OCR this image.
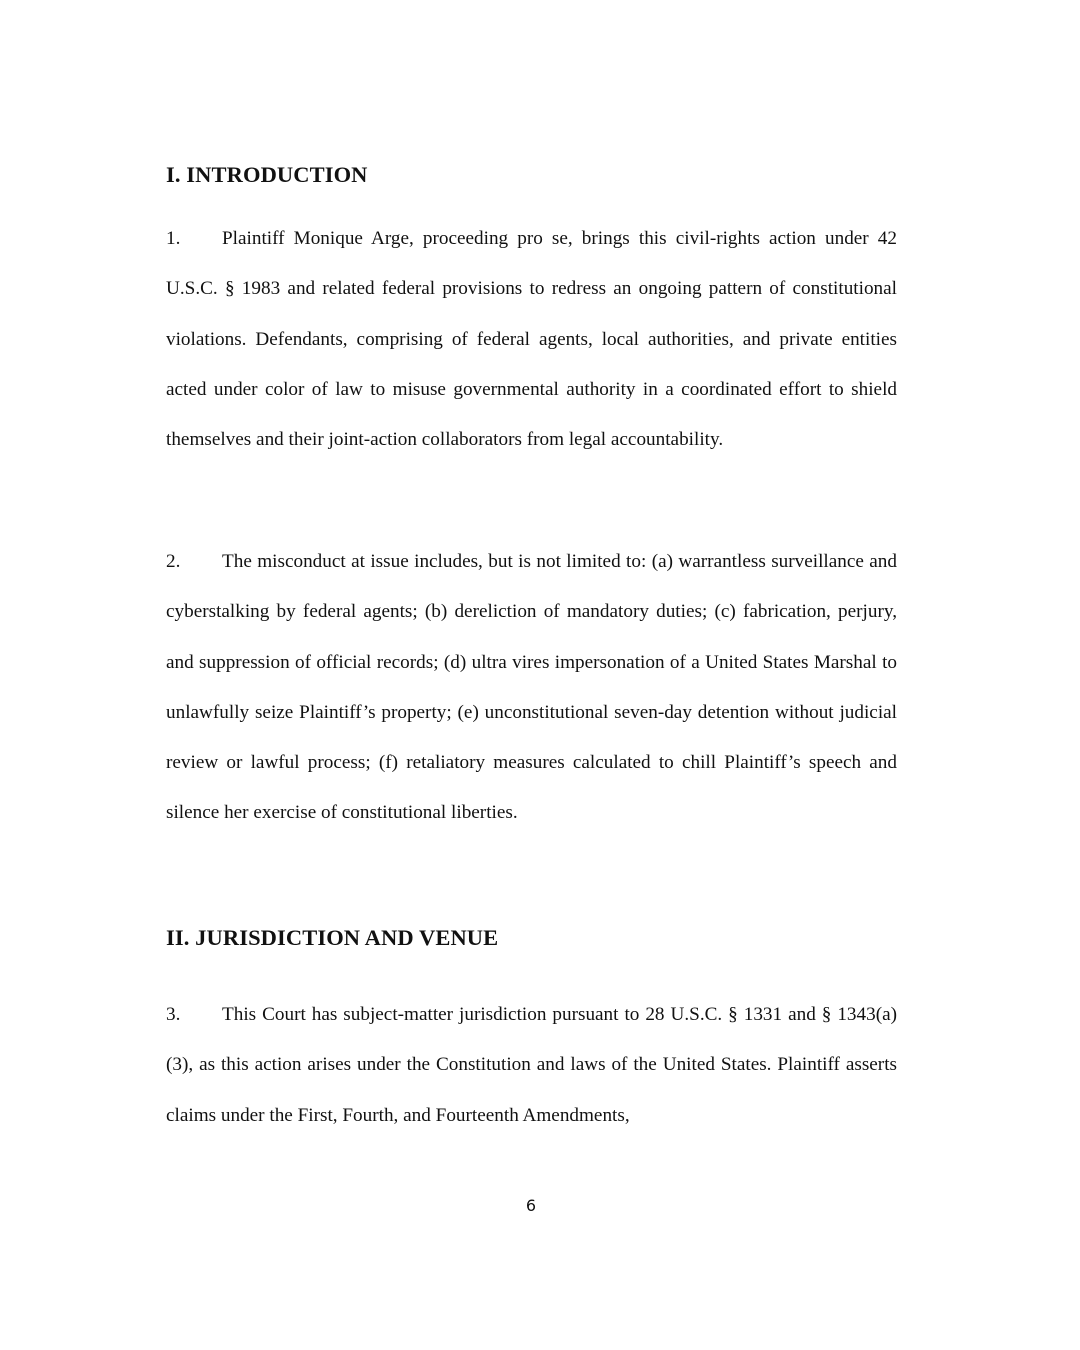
I. INTRODUCTION

1. Plaintiff Monique Arge, proceeding pro se, brings this civil-rights action under 42 U.S.C. § 1983 and related federal provisions to redress an ongoing pattern of constitutional violations. Defendants, comprising of federal agents, local authorities, and private entities acted under color of law to misuse governmental authority in a coordinated effort to shield themselves and their joint-action collaborators from legal accountability.

2. The misconduct at issue includes, but is not limited to: (a) warrantless surveillance and cyberstalking by federal agents; (b) dereliction of mandatory duties; (c) fabrication, perjury, and suppression of official records; (d) ultra vires impersonation of a United States Marshal to unlawfully seize Plaintiff’s property; (e) unconstitutional seven-day detention without judicial review or lawful process; (f) retaliatory measures calculated to chill Plaintiff’s speech and silence her exercise of constitutional liberties.

II. JURISDICTION AND VENUE

3. This Court has subject-matter jurisdiction pursuant to 28 U.S.C. § 1331 and § 1343(a)(3), as this action arises under the Constitution and laws of the United States. Plaintiff asserts claims under the First, Fourth, and Fourteenth Amendments,

6
